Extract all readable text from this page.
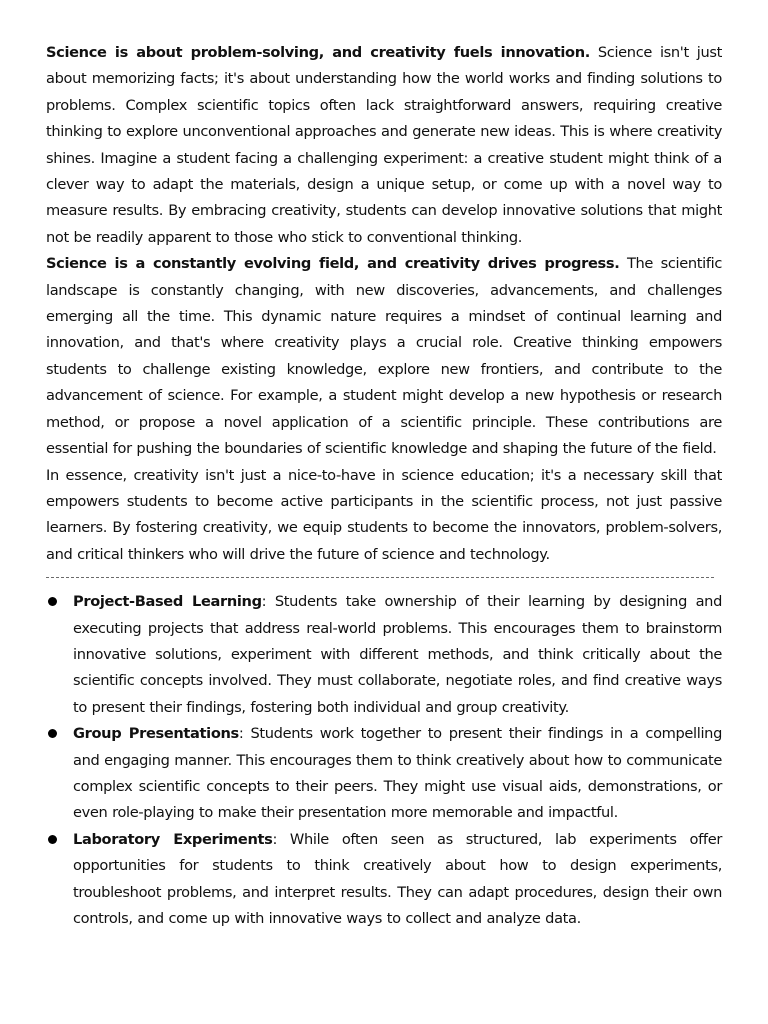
Science is about problem-solving, and creativity fuels innovation. Science isn't just about memorizing facts; it's about understanding how the world works and finding solutions to problems. Complex scientific topics often lack straightforward answers, requiring creative thinking to explore unconventional approaches and generate new ideas. This is where creativity shines. Imagine a student facing a challenging experiment: a creative student might think of a clever way to adapt the materials, design a unique setup, or come up with a novel way to measure results. By embracing creativity, students can develop innovative solutions that might not be readily apparent to those who stick to conventional thinking.

Science is a constantly evolving field, and creativity drives progress. The scientific landscape is constantly changing, with new discoveries, advancements, and challenges emerging all the time. This dynamic nature requires a mindset of continual learning and innovation, and that's where creativity plays a crucial role. Creative thinking empowers students to challenge existing knowledge, explore new frontiers, and contribute to the advancement of science. For example, a student might develop a new hypothesis or research method, or propose a novel application of a scientific principle. These contributions are essential for pushing the boundaries of scientific knowledge and shaping the future of the field.

In essence, creativity isn't just a nice-to-have in science education; it's a necessary skill that empowers students to become active participants in the scientific process, not just passive learners. By fostering creativity, we equip students to become the innovators, problem-solvers, and critical thinkers who will drive the future of science and technology.

Project-Based Learning: Students take ownership of their learning by designing and executing projects that address real-world problems. This encourages them to brainstorm innovative solutions, experiment with different methods, and think critically about the scientific concepts involved. They must collaborate, negotiate roles, and find creative ways to present their findings, fostering both individual and group creativity.
Group Presentations: Students work together to present their findings in a compelling and engaging manner. This encourages them to think creatively about how to communicate complex scientific concepts to their peers. They might use visual aids, demonstrations, or even role-playing to make their presentation more memorable and impactful.
Laboratory Experiments: While often seen as structured, lab experiments offer opportunities for students to think creatively about how to design experiments, troubleshoot problems, and interpret results. They can adapt procedures, design their own controls, and come up with innovative ways to collect and analyze data.
